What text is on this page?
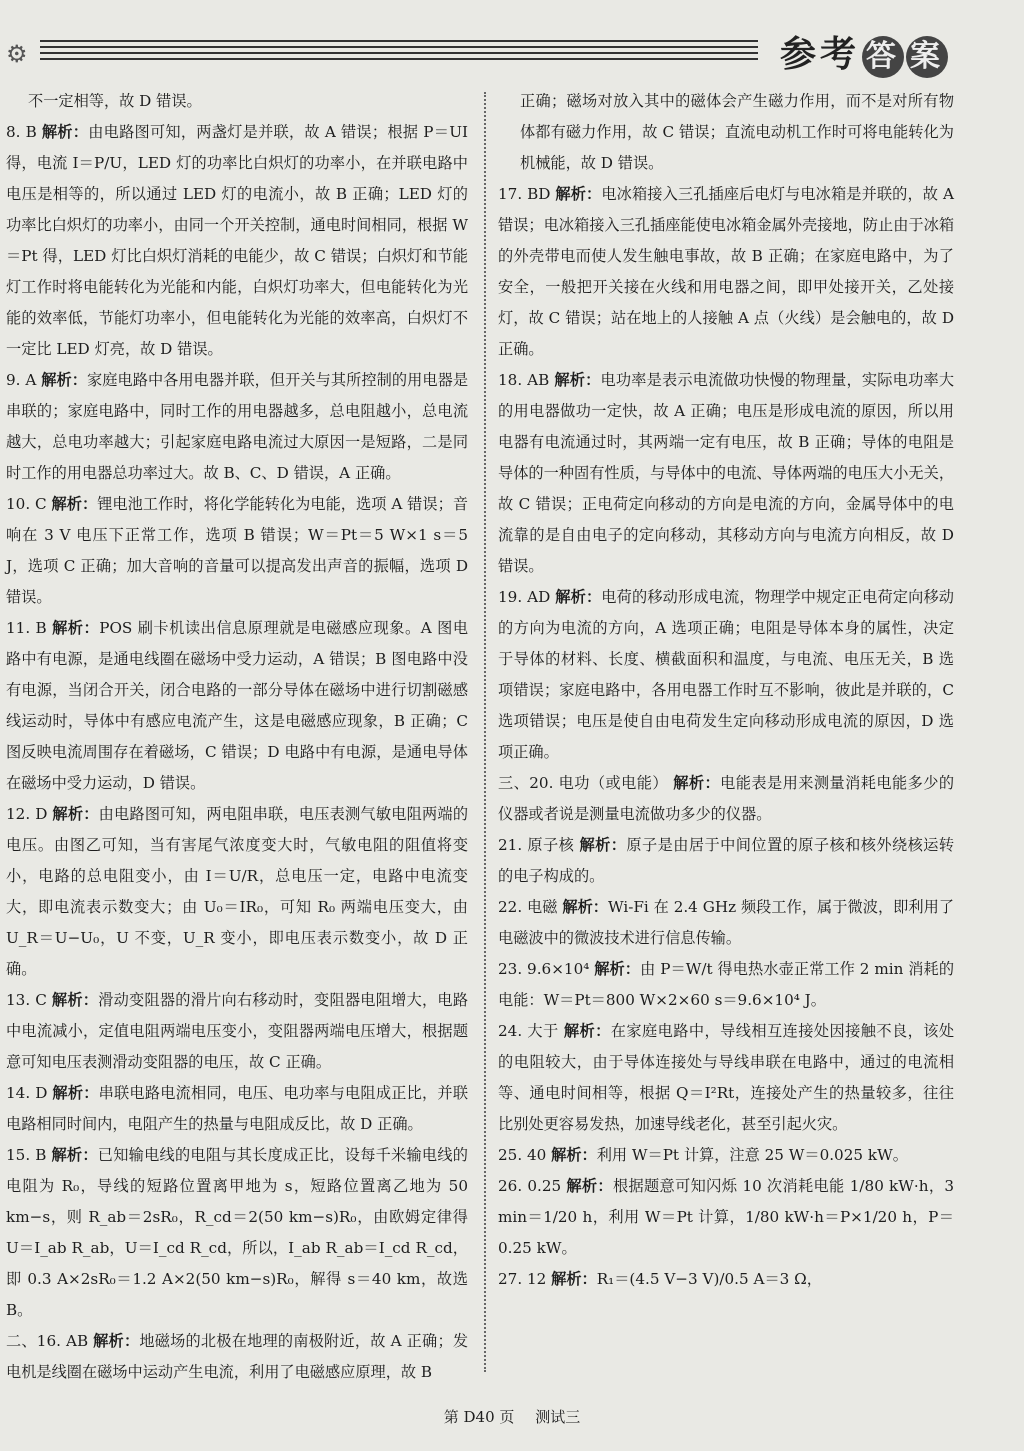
⚙	参考 答 案

不一定相等，故 D 错误。

8. B 解析：由电路图可知，两盏灯是并联，故 A 错误；根据 P＝UI 得，电流 I＝P/U，LED 灯的功率比白炽灯的功率小，在并联电路中电压是相等的，所以通过 LED 灯的电流小，故 B 正确；LED 灯的功率比白炽灯的功率小，由同一个开关控制，通电时间相同，根据 W＝Pt 得，LED 灯比白炽灯消耗的电能少，故 C 错误；白炽灯和节能灯工作时将电能转化为光能和内能，白炽灯功率大，但电能转化为光能的效率低，节能灯功率小，但电能转化为光能的效率高，白炽灯不一定比 LED 灯亮，故 D 错误。

9. A 解析：家庭电路中各用电器并联，但开关与其所控制的用电器是串联的；家庭电路中，同时工作的用电器越多，总电阻越小，总电流越大，总电功率越大；引起家庭电路电流过大原因一是短路，二是同时工作的用电器总功率过大。故 B、C、D 错误，A 正确。

10. C 解析：锂电池工作时，将化学能转化为电能，选项 A 错误；音响在 3 V 电压下正常工作，选项 B 错误；W＝Pt＝5 W×1 s＝5 J，选项 C 正确；加大音响的音量可以提高发出声音的振幅，选项 D 错误。

11. B 解析：POS 刷卡机读出信息原理就是电磁感应现象。A 图电路中有电源，是通电线圈在磁场中受力运动，A 错误；B 图电路中没有电源，当闭合开关，闭合电路的一部分导体在磁场中进行切割磁感线运动时，导体中有感应电流产生，这是电磁感应现象，B 正确；C 图反映电流周围存在着磁场，C 错误；D 电路中有电源，是通电导体在磁场中受力运动，D 错误。

12. D 解析：由电路图可知，两电阻串联，电压表测气敏电阻两端的电压。由图乙可知，当有害尾气浓度变大时，气敏电阻的阻值将变小，电路的总电阻变小，由 I＝U/R，总电压一定，电路中电流变大，即电流表示数变大；由 U₀＝IR₀，可知 R₀ 两端电压变大，由 U_R＝U−U₀，U 不变，U_R 变小，即电压表示数变小，故 D 正确。

13. C 解析：滑动变阻器的滑片向右移动时，变阻器电阻增大，电路中电流减小，定值电阻两端电压变小，变阻器两端电压增大，根据题意可知电压表测滑动变阻器的电压，故 C 正确。

14. D 解析：串联电路电流相同，电压、电功率与电阻成正比，并联电路相同时间内，电阻产生的热量与电阻成反比，故 D 正确。

15. B 解析：已知输电线的电阻与其长度成正比，设每千米输电线的电阻为 R₀，导线的短路位置离甲地为 s，短路位置离乙地为 50 km−s，则 R_ab＝2sR₀，R_cd＝2(50 km−s)R₀，由欧姆定律得 U＝I_ab R_ab，U＝I_cd R_cd，所以，I_ab R_ab＝I_cd R_cd，即 0.3 A×2sR₀＝1.2 A×2(50 km−s)R₀，解得 s＝40 km，故选 B。

二、16. AB 解析：地磁场的北极在地理的南极附近，故 A 正确；发电机是线圈在磁场中运动产生电流，利用了电磁感应原理，故 B

正确；磁场对放入其中的磁体会产生磁力作用，而不是对所有物体都有磁力作用，故 C 错误；直流电动机工作时可将电能转化为机械能，故 D 错误。

17. BD 解析：电冰箱接入三孔插座后电灯与电冰箱是并联的，故 A 错误；电冰箱接入三孔插座能使电冰箱金属外壳接地，防止由于冰箱的外壳带电而使人发生触电事故，故 B 正确；在家庭电路中，为了安全，一般把开关接在火线和用电器之间，即甲处接开关，乙处接灯，故 C 错误；站在地上的人接触 A 点（火线）是会触电的，故 D 正确。

18. AB 解析：电功率是表示电流做功快慢的物理量，实际电功率大的用电器做功一定快，故 A 正确；电压是形成电流的原因，所以用电器有电流通过时，其两端一定有电压，故 B 正确；导体的电阻是导体的一种固有性质，与导体中的电流、导体两端的电压大小无关，故 C 错误；正电荷定向移动的方向是电流的方向，金属导体中的电流靠的是自由电子的定向移动，其移动方向与电流方向相反，故 D 错误。

19. AD 解析：电荷的移动形成电流，物理学中规定正电荷定向移动的方向为电流的方向，A 选项正确；电阻是导体本身的属性，决定于导体的材料、长度、横截面积和温度，与电流、电压无关，B 选项错误；家庭电路中，各用电器工作时互不影响，彼此是并联的，C 选项错误；电压是使自由电荷发生定向移动形成电流的原因，D 选项正确。

三、20. 电功（或电能） 解析：电能表是用来测量消耗电能多少的仪器或者说是测量电流做功多少的仪器。

21. 原子核 解析：原子是由居于中间位置的原子核和核外绕核运转的电子构成的。

22. 电磁 解析：Wi-Fi 在 2.4 GHz 频段工作，属于微波，即利用了电磁波中的微波技术进行信息传输。

23. 9.6×10⁴ 解析：由 P＝W/t 得电热水壶正常工作 2 min 消耗的电能：W＝Pt＝800 W×2×60 s＝9.6×10⁴ J。

24. 大于 解析：在家庭电路中，导线相互连接处因接触不良，该处的电阻较大，由于导体连接处与导线串联在电路中，通过的电流相等、通电时间相等，根据 Q＝I²Rt，连接处产生的热量较多，往往比别处更容易发热，加速导线老化，甚至引起火灾。

25. 40 解析：利用 W＝Pt 计算，注意 25 W＝0.025 kW。

26. 0.25 解析：根据题意可知闪烁 10 次消耗电能 1/80 kW·h，3 min＝1/20 h，利用 W＝Pt 计算，1/80 kW·h＝P×1/20 h，P＝0.25 kW。

27. 12 解析：R₁＝(4.5 V−3 V)/0.5 A＝3 Ω，

第 D40 页 测试三
